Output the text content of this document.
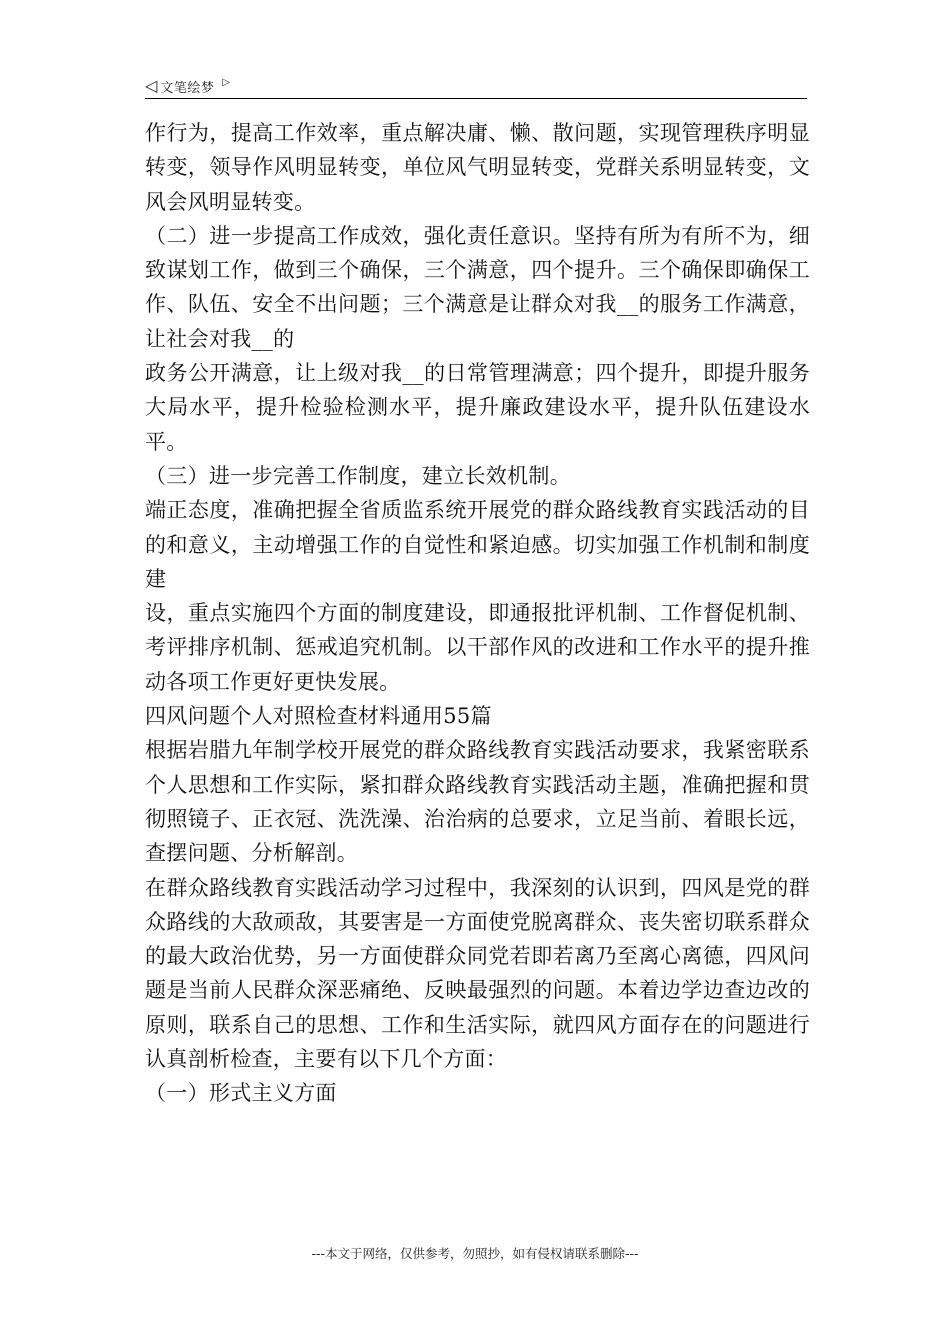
◁ 文笔绘梦 ▷

作行为，提高工作效率，重点解决庸、懒、散问题，实现管理秩序明显转变，领导作风明显转变，单位风气明显转变，党群关系明显转变，文风会风明显转变。

（二）进一步提高工作成效，强化责任意识。坚持有所为有所不为，细致谋划工作，做到三个确保，三个满意，四个提升。三个确保即确保工作、队伍、安全不出问题；三个满意是让群众对我__的服务工作满意，让社会对我__的

政务公开满意，让上级对我__的日常管理满意；四个提升，即提升服务大局水平，提升检验检测水平，提升廉政建设水平，提升队伍建设水平。

（三）进一步完善工作制度，建立长效机制。

端正态度，准确把握全省质监系统开展党的群众路线教育实践活动的目的和意义，主动增强工作的自觉性和紧迫感。切实加强工作机制和制度建

设，重点实施四个方面的制度建设，即通报批评机制、工作督促机制、考评排序机制、惩戒追究机制。以干部作风的改进和工作水平的提升推动各项工作更好更快发展。

四风问题个人对照检查材料通用55篇

根据岩腊九年制学校开展党的群众路线教育实践活动要求，我紧密联系个人思想和工作实际，紧扣群众路线教育实践活动主题，准确把握和贯彻照镜子、正衣冠、洗洗澡、治治病的总要求，立足当前、着眼长远，查摆问题、分析解剖。

在群众路线教育实践活动学习过程中，我深刻的认识到，四风是党的群众路线的大敌顽敌，其要害是一方面使党脱离群众、丧失密切联系群众的最大政治优势，另一方面使群众同党若即若离乃至离心离德，四风问题是当前人民群众深恶痛绝、反映最强烈的问题。本着边学边查边改的原则，联系自己的思想、工作和生活实际，就四风方面存在的问题进行认真剖析检查，主要有以下几个方面：

（一）形式主义方面

---本文于网络，仅供参考，勿照抄，如有侵权请联系删除---
